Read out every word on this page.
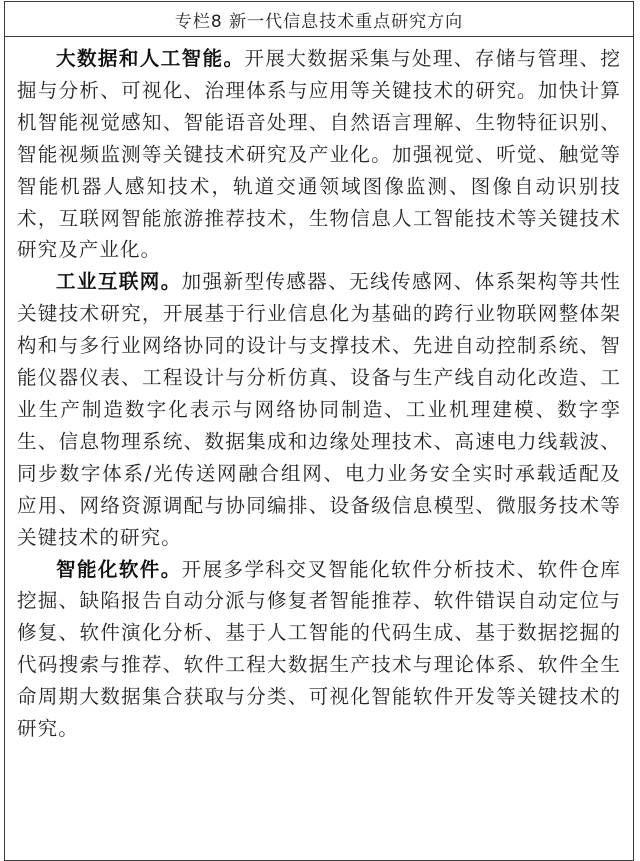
专栏8 新一代信息技术重点研究方向

大数据和人工智能。开展大数据采集与处理、存储与管理、挖掘与分析、可视化、治理体系与应用等关键技术的研究。加快计算机智能视觉感知、智能语音处理、自然语言理解、生物特征识别、智能视频监测等关键技术研究及产业化。加强视觉、听觉、触觉等智能机器人感知技术，轨道交通领域图像监测、图像自动识别技术，互联网智能旅游推荐技术，生物信息人工智能技术等关键技术研究及产业化。

工业互联网。加强新型传感器、无线传感网、体系架构等共性关键技术研究，开展基于行业信息化为基础的跨行业物联网整体架构和与多行业网络协同的设计与支撑技术、先进自动控制系统、智能仪器仪表、工程设计与分析仿真、设备与生产线自动化改造、工业生产制造数字化表示与网络协同制造、工业机理建模、数字孪生、信息物理系统、数据集成和边缘处理技术、高速电力线载波、同步数字体系/光传送网融合组网、电力业务安全实时承载适配及应用、网络资源调配与协同编排、设备级信息模型、微服务技术等关键技术的研究。

智能化软件。开展多学科交叉智能化软件分析技术、软件仓库挖掘、缺陷报告自动分派与修复者智能推荐、软件错误自动定位与修复、软件演化分析、基于人工智能的代码生成、基于数据挖掘的代码搜索与推荐、软件工程大数据生产技术与理论体系、软件全生命周期大数据集合获取与分类、可视化智能软件开发等关键技术的研究。
